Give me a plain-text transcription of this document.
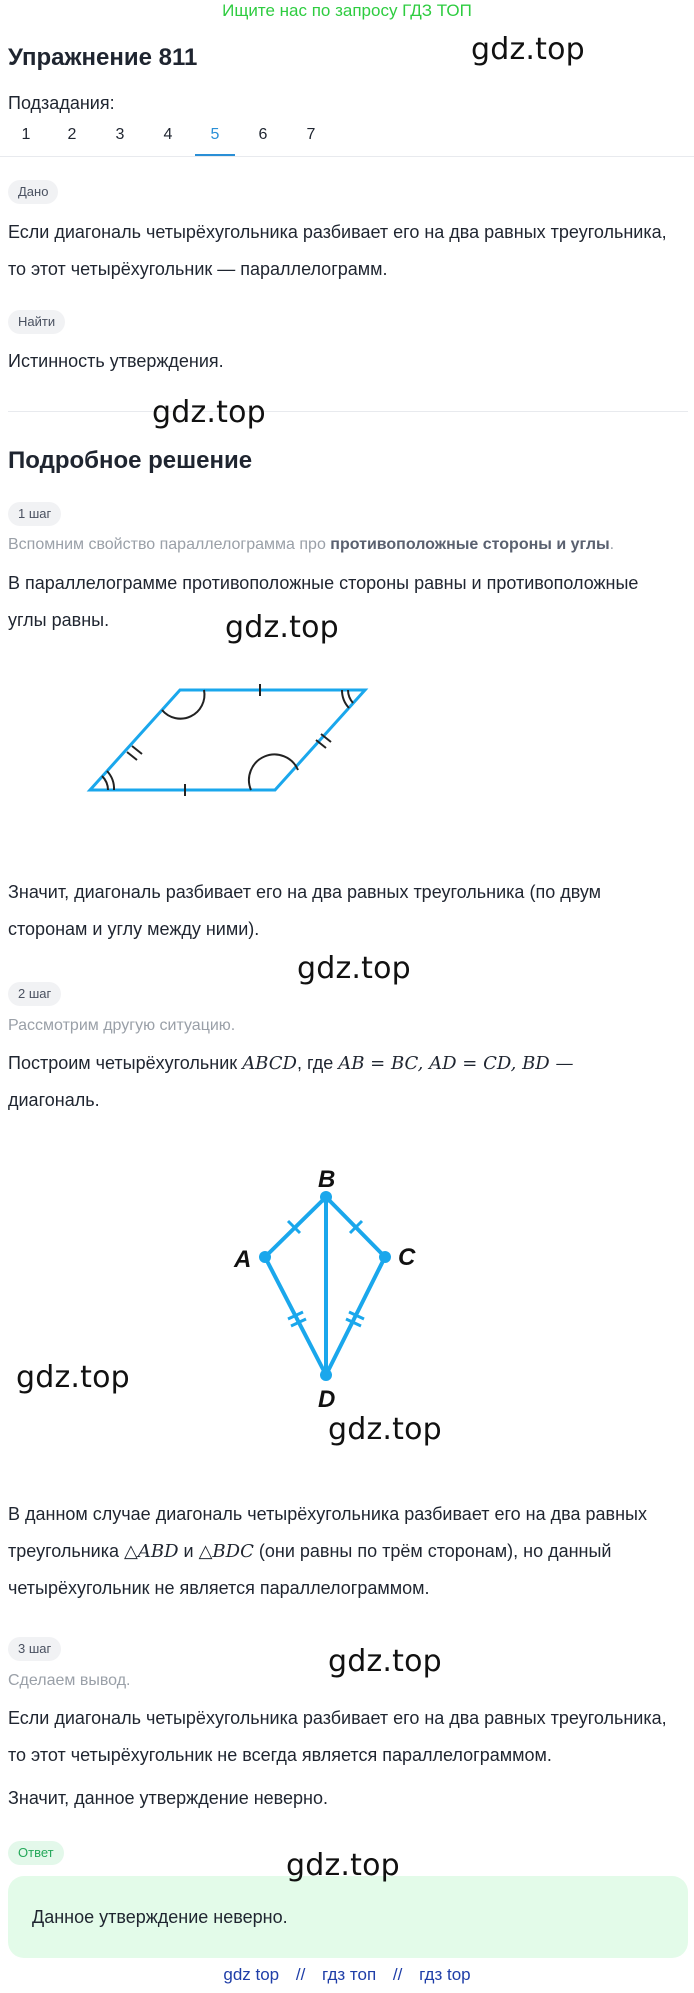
Ищите нас по запросу ГДЗ ТОП
Упражнение 811	gdz.top
Подзадания:
1	2	3	4	5	6	7
Дано
Если диагональ четырёхугольника разбивает его на два равных треугольника,
то этот четырёхугольник — параллелограмм.
Найти
Истинность утверждения.
gdz.top
Подробное решение
1 шаг
Вспомним свойство параллелограмма про противоположные стороны и углы.
В параллелограмме противоположные стороны равны и противоположные
углы равны.	gdz.top
Значит, диагональ разбивает его на два равных треугольника (по двум
сторонам и углу между ними).
gdz.top
2 шаг
Рассмотрим другую ситуацию.
Построим четырёхугольник ABCD, где AB = BC, AD = CD, BD —
диагональ.
B
A	C
D
gdz.top
gdz.top
В данном случае диагональ четырёхугольника разбивает его на два равных
треугольника △ABD и △BDC (они равны по трём сторонам), но данный
четырёхугольник не является параллелограммом.
3 шаг	gdz.top
Сделаем вывод.
Если диагональ четырёхугольника разбивает его на два равных треугольника,
то этот четырёхугольник не всегда является параллелограммом.
Значит, данное утверждение неверно.
Ответ
Данное утверждение неверно.
gdz.top
gdz top // гдз топ // гдз top
